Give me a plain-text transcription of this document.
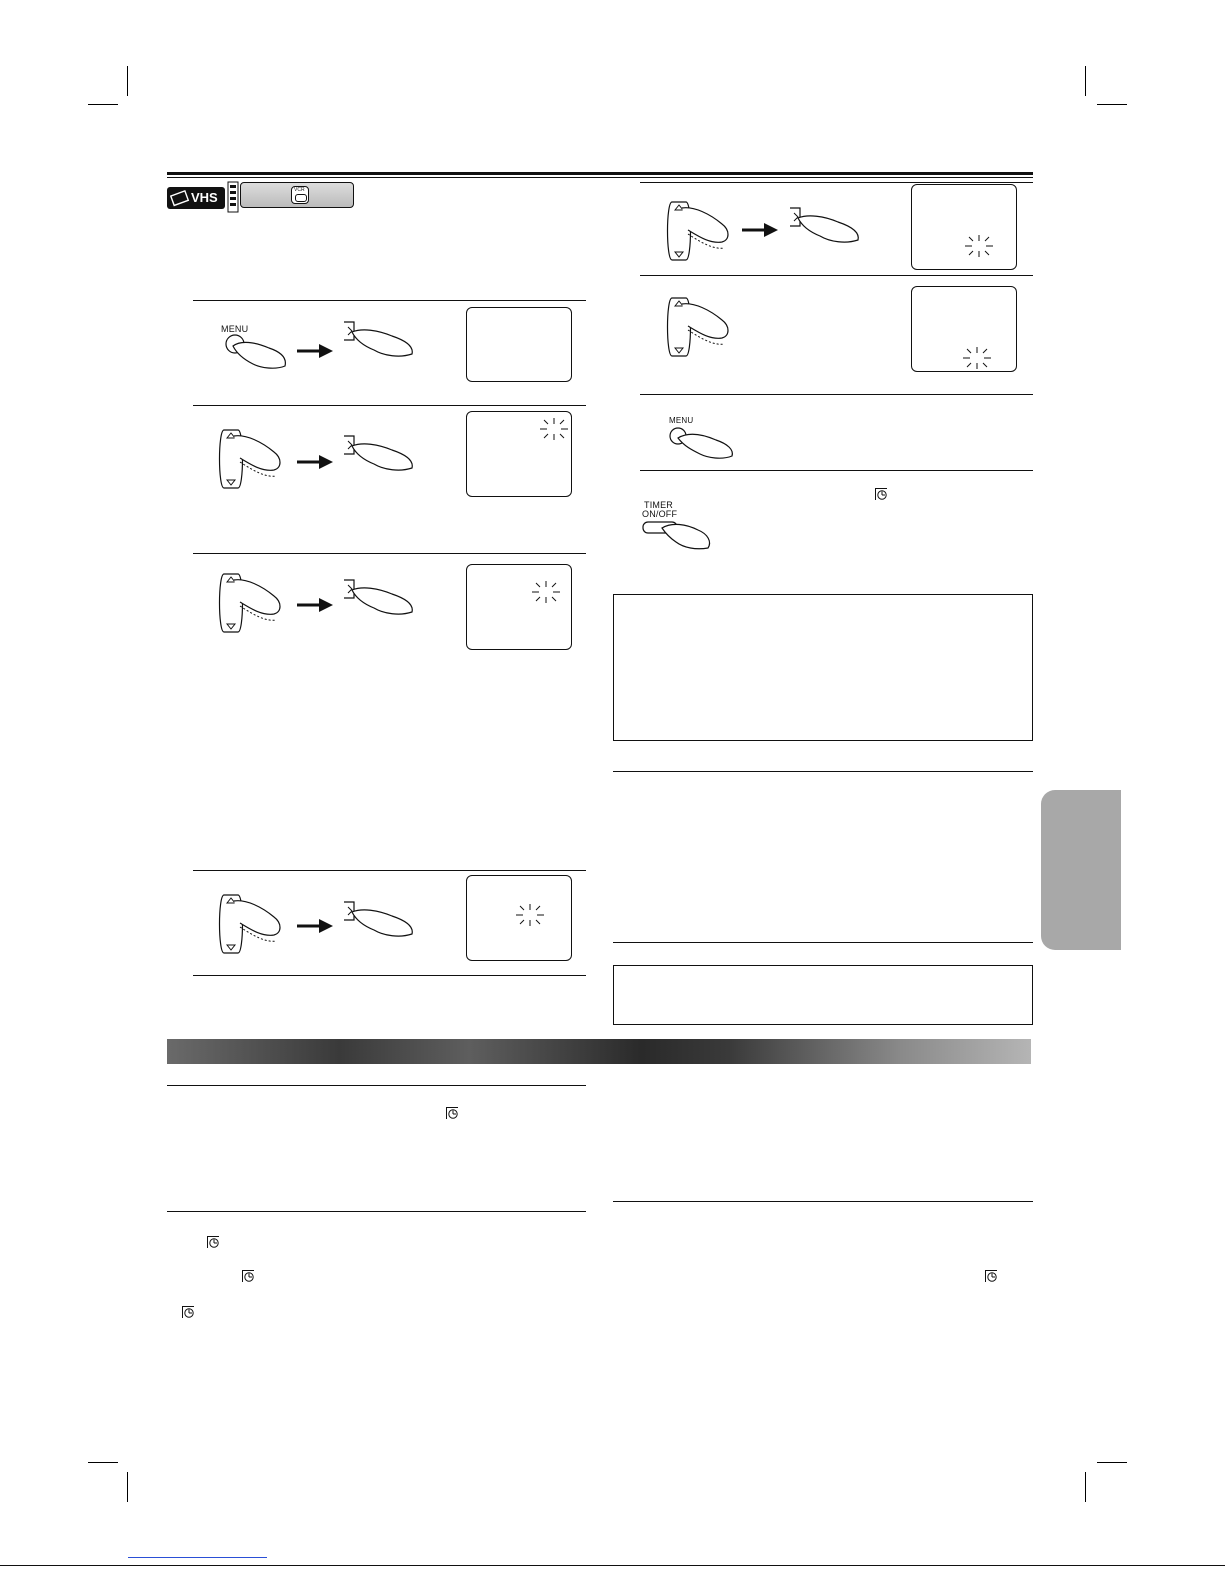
VHS	VCR
MENU
MENU
TIMER
ON/OFF
